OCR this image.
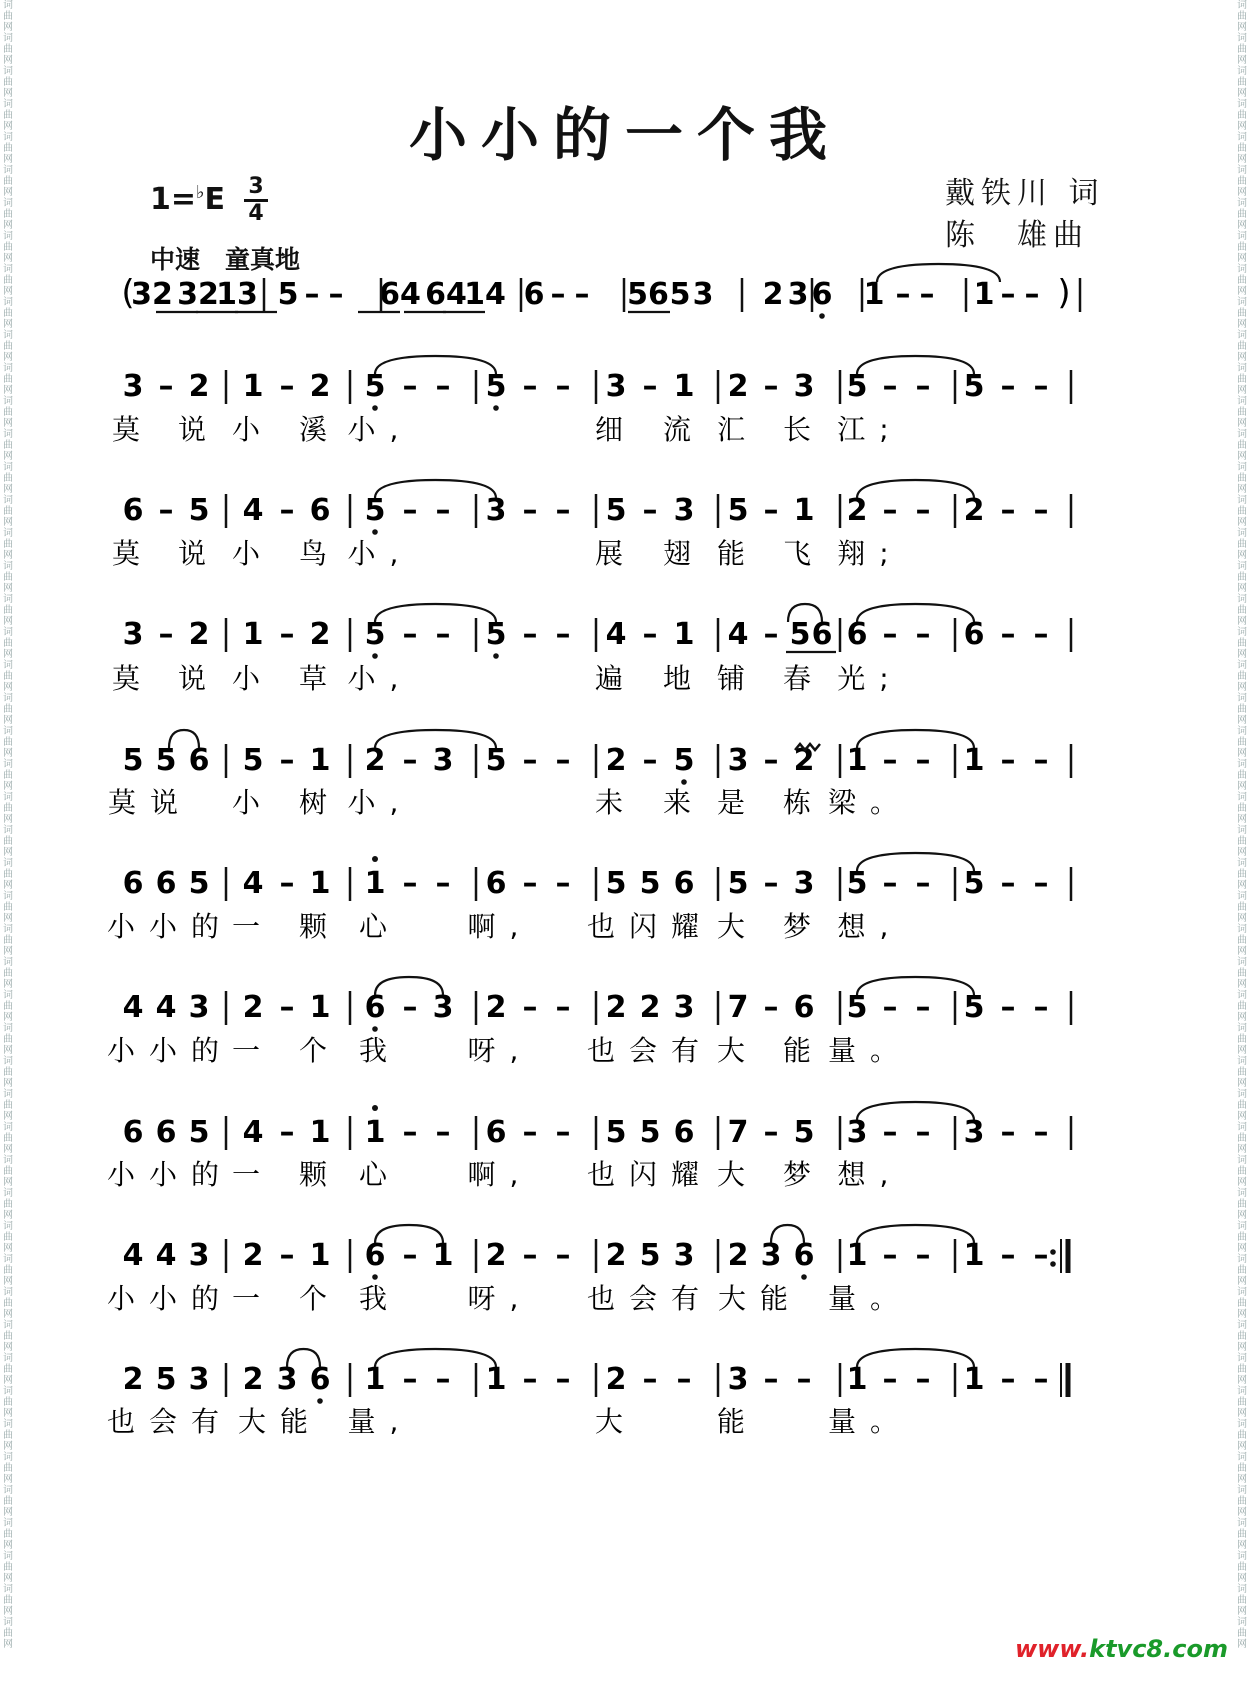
词
曲
网
词
曲
网
词
曲
网
词
曲
网
词
曲
网
词
曲
网
词
曲
网
词
曲
网
词
曲
网
词
曲
网
词
曲
网
词
曲
网
词
曲
网
词
曲
网
词
曲
网
词
曲
网
词
曲
网
词
曲
网
词
曲
网
词
曲
网
词
曲
网
词
曲
网
词
曲
网
词
曲
网
词
曲
网
词
曲
网
词
曲
网
词
曲
网
词
曲
网
词
曲
网
词
曲
网
词
曲
网
词
曲
网
词
曲
网
词
曲
网
词
曲
网
词
曲
网
词
曲
网
词
曲
网
词
曲
网
词
曲
网
词
曲
网
词
曲
网
词
曲
网
词
曲
网
词
曲
网
词
曲
网
词
曲
网
词
曲
网
词
曲
网
词
曲
网
词
曲
网
词
曲
网
词
曲
网
词
曲
网
词
曲
网
词
曲
网
词
曲
网
词
曲
网
词
曲
网
词
曲
网
词
曲
网
词
曲
网
词
曲
网
词
曲
网
词
曲
网
词
曲
网
词
曲
网
词
曲
网
词
曲
网
词
曲
网
词
曲
网
词
曲
网
词
曲
网
词
曲
网
词
曲
网
词
曲
网
词
曲
网
词
曲
网
词
曲
网
词
曲
网
词
曲
网
词
曲
网
词
曲
网
词
曲
网
词
曲
网
词
曲
网
词
曲
网
词
曲
网
词
曲
网
词
曲
网
词
曲
网
词
曲
网
词
曲
网
词
曲
网
词
曲
网
词
曲
网
词
曲
网
词
曲
网
词
曲
网
小小的一个我
1=♭E 3
4
中速　童真地
戴铁川 词
陈　雄曲
(
32 32
13 5 – – 64 64
14 6 – – 56 5 3 2 3 6 1 – – 1 – – )
3 – 2 1 – 2 5 – – 5 – – 3 – 1 2 – 3 5 – – 5 – –
莫 说 小 溪 小,	细 流 汇 长 江;
6 – 5 4 – 6 5 – – 3 – – 5 – 3 5 – 1 2 – – 2 – –
莫 说 小 鸟 小,	展 翅 能 飞 翔;
3 – 2 1 – 2 5 – – 5 – – 4 – 1 4 – 5 6 6 – – 6 – –
莫 说 小 草 小,	遍 地 铺 春 光;
5 5 6 5 – 1 2 – 3 5 – – 2 – 5 3 – 2 1 – – 1 – –
莫说 小 树 小,	未 来 是 栋 梁。
6 6 5 4 – 1 1 – – 6 – – 5 5 6 5 – 3 5 – – 5 – –
小小的
一 颗 心 啊, 也闪耀 大 梦 想,
4 4 3 2 – 1 6 – 3 2 – – 2 2 3 7 – 6 5 – – 5 – –
小小的
一 个 我 呀, 也会有 大 能 量。
6 6 5 4 – 1 1 – – 6 – – 5 5 6 7 – 5 3 – – 3 – –
小小的
一 颗 心 啊, 也闪耀 大 梦 想,
4 4 3 2 – 1 6 – 1 2 – – 2 5 3 2 3 6 1 – – 1 – –
小小的
一 个 我 呀, 也会有 大能 量。
2 5 3 2 3 6 1 – – 1 – – 2 – – 3 – – 1 – – 1 – –
也会有 大能 量,	大	能 量。
www.ktvc8.com
